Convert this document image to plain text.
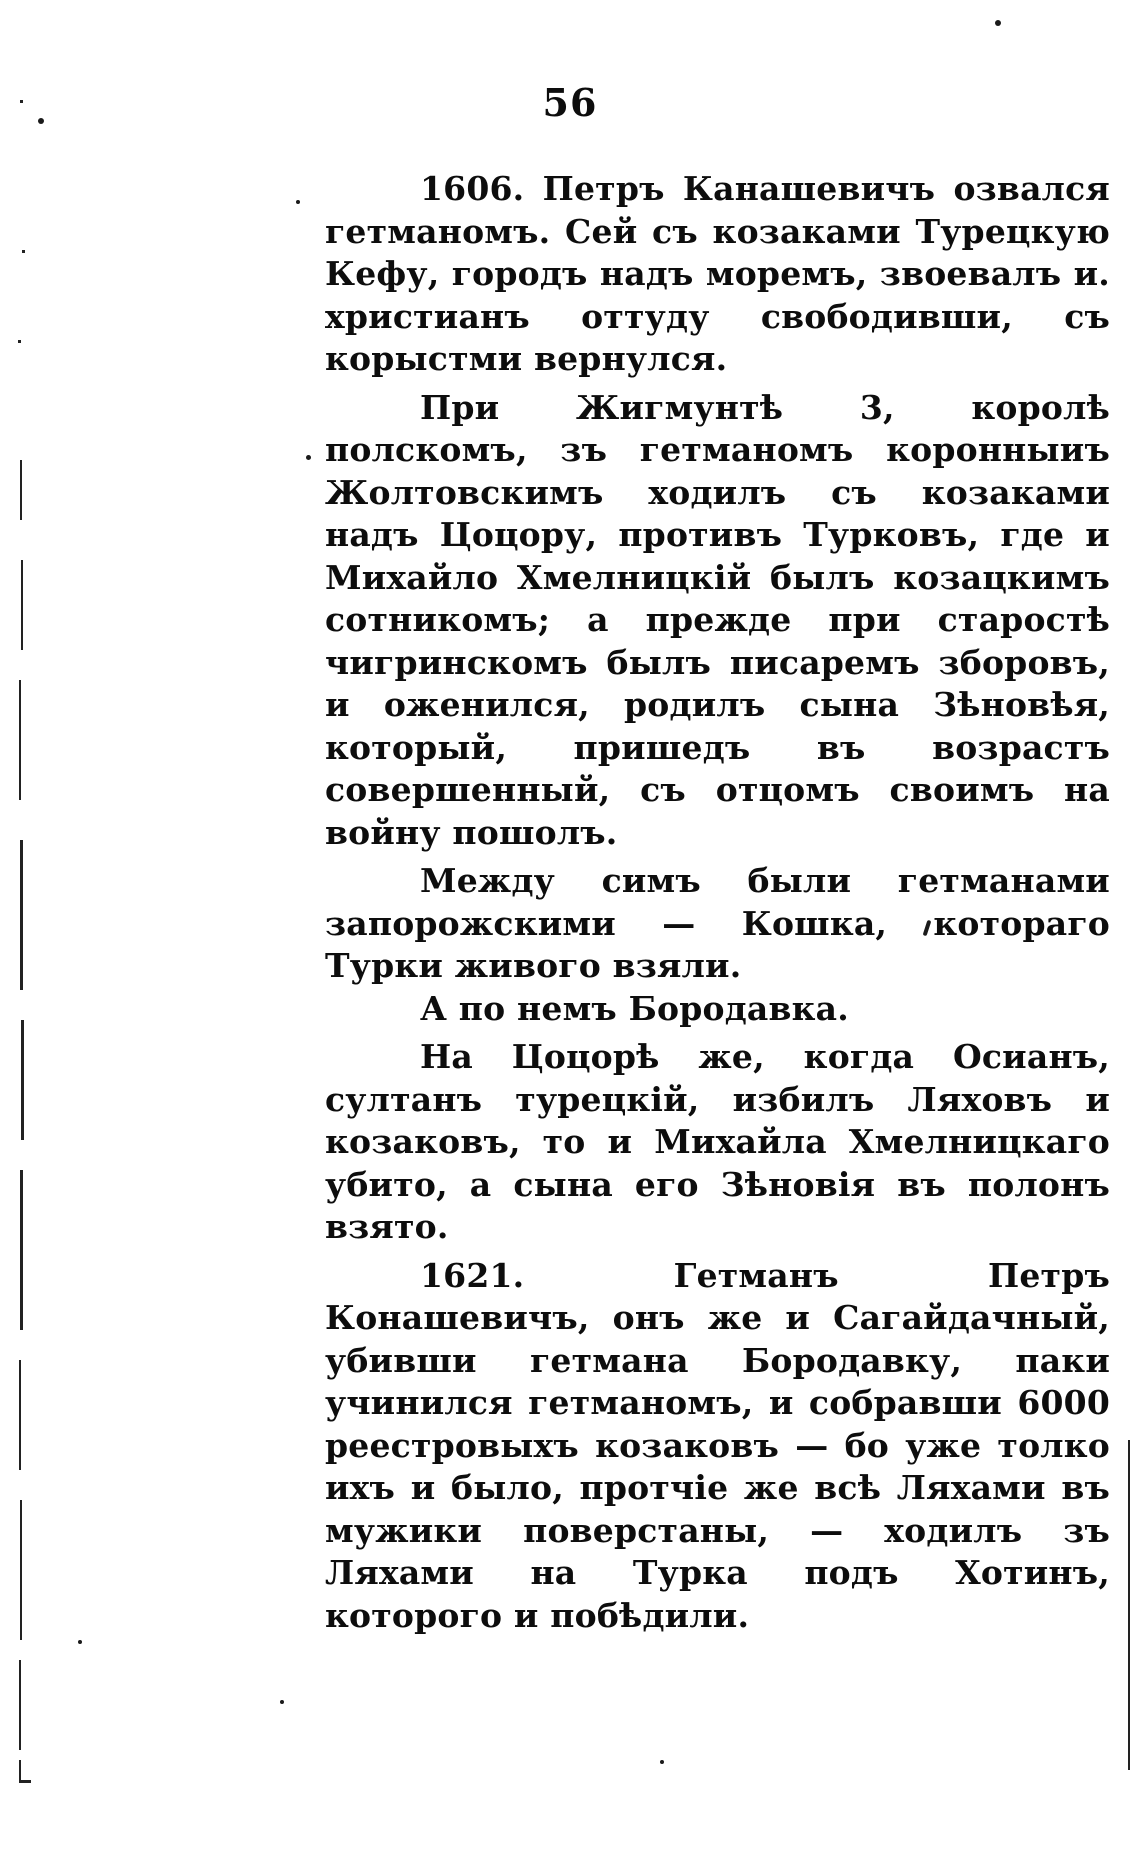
56

1606. Петръ Канашевичъ озвался гетманомъ. Сей съ козаками Турецкую Кефу, городъ надъ моремъ, звоевалъ и. христианъ оттуду свободивши, съ корыстми вернулся.

При Жигмунтѣ 3, королѣ полскомъ, зъ гетманомъ коронныиъ Жолтовскимъ ходилъ съ козаками надъ Цоцору, противъ Турковъ, где и Михайло Хмелницкій былъ козацкимъ сотникомъ; а прежде при старостѣ чигринскомъ былъ писаремъ зборовъ, и оженился, родилъ сына Зѣновѣя, который, пришедъ въ возрастъ совершенный, съ отцомъ своимъ на войну пошолъ.

Между симъ были гетманами запорожскими — Кошка, котораго Турки живого взяли.

А по немъ Бородавка.

На Цоцорѣ же, когда Осианъ, султанъ турецкій, избилъ Ляховъ и козаковъ, то и Михайла Хмелницкаго убито, а сына его Зѣновія въ полонъ взято.

1621. Гетманъ Петръ Конашевичъ, онъ же и Сагайдачный, убивши гетмана Бородавку, паки учинился гетманомъ, и собравши 6000 реестровыхъ козаковъ — бо уже толко ихъ и было, протчіе же всѣ Ляхами въ мужики поверстаны, — ходилъ зъ Ляхами на Турка подъ Хотинъ, которого и побѣдили.
